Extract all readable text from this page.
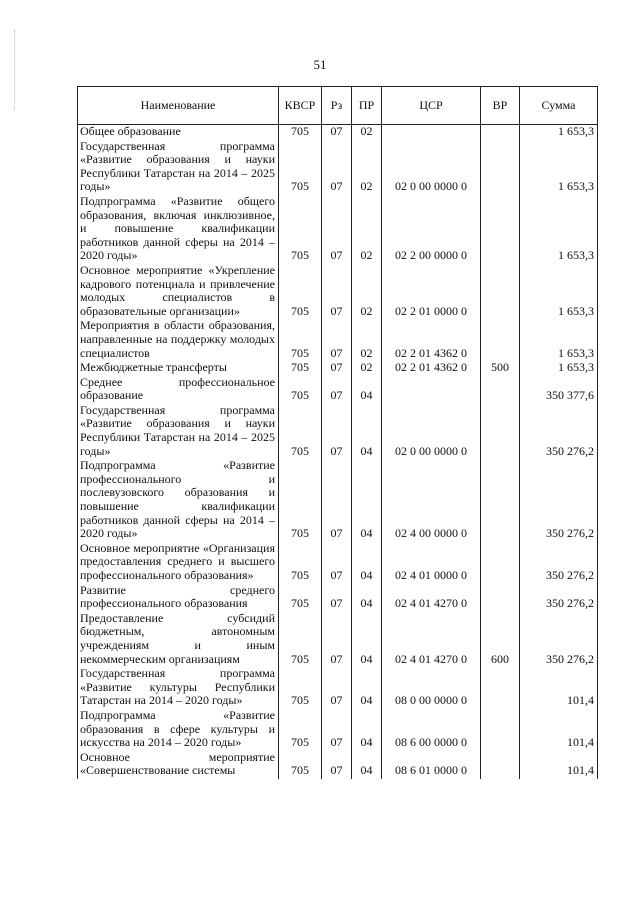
51
Наименование	КВСР	Рз	ПР	ЦСР	ВР	Сумма
Общее образование	705	07	02			1 653,3
Государственная программа «Развитие образования и науки Республики Татарстан на 2014 – 2025 годы»	705	07	02	02 0 00 0000 0		1 653,3
Подпрограмма «Развитие общего образования, включая инклюзивное, и повышение квалификации работников данной сферы на 2014 – 2020 годы»	705	07	02	02 2 00 0000 0		1 653,3
Основное мероприятие «Укрепление кадрового потенциала и привлечение молодых специалистов в образовательные организации»	705	07	02	02 2 01 0000 0		1 653,3
Мероприятия в области образования, направленные на поддержку молодых специалистов	705	07	02	02 2 01 4362 0		1 653,3
Межбюджетные трансферты	705	07	02	02 2 01 4362 0	500	1 653,3
Среднее профессиональное образование	705	07	04			350 377,6
Государственная программа «Развитие образования и науки Республики Татарстан на 2014 – 2025 годы»	705	07	04	02 0 00 0000 0		350 276,2
Подпрограмма «Развитие профессионального и послевузовского образования и повышение квалификации работников данной сферы на 2014 – 2020 годы»	705	07	04	02 4 00 0000 0		350 276,2
Основное мероприятие «Организация предоставления среднего и высшего профессионального образования»	705	07	04	02 4 01 0000 0		350 276,2
Развитие среднего профессионального образования	705	07	04	02 4 01 4270 0		350 276,2
Предоставление субсидий бюджетным, автономным учреждениям и иным некоммерческим организациям	705	07	04	02 4 01 4270 0	600	350 276,2
Государственная программа «Развитие культуры Республики Татарстан на 2014 – 2020 годы»	705	07	04	08 0 00 0000 0		101,4
Подпрограмма «Развитие образования в сфере культуры и искусства на 2014 – 2020 годы»	705	07	04	08 6 00 0000 0		101,4
Основное мероприятие «Совершенствование системы	705	07	04	08 6 01 0000 0		101,4
